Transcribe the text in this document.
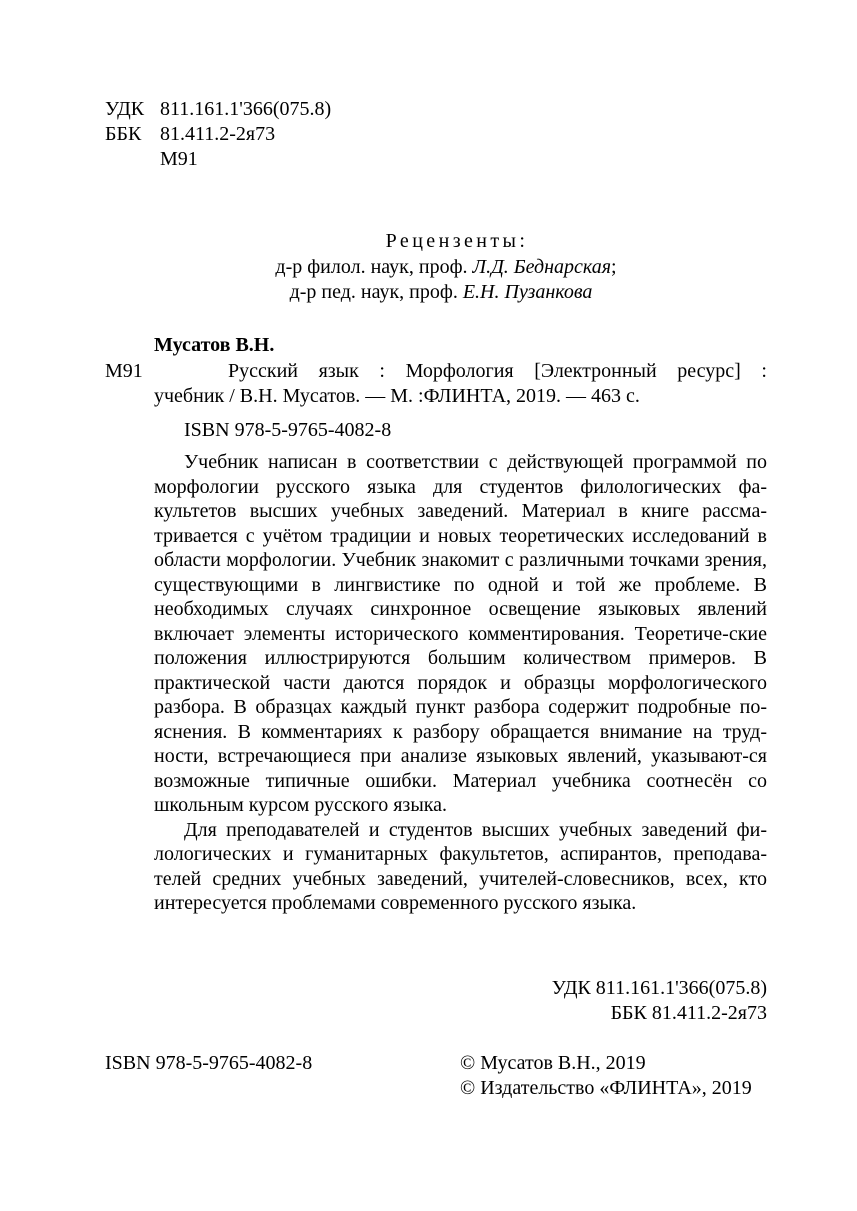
УДК 811.161.1'366(075.8)
ББК 81.411.2-2я73
М91
Рецензенты:
д-р филол. наук, проф. Л.Д. Беднарская;
д-р пед. наук, проф. Е.Н. Пузанкова
Мусатов В.Н.
М91	Русский язык : Морфология [Электронный ресурс] :
учебник / В.Н. Мусатов. — М. :ФЛИНТА, 2019. — 463 с.
ISBN 978-5-9765-4082-8

Учебник написан в соответствии с действующей программой по морфологии русского языка для студентов филологических фа-культетов высших учебных заведений. Материал в книге рассма-тривается с учётом традиции и новых теоретических исследований в области морфологии. Учебник знакомит с различными точками зрения, существующими в лингвистике по одной и той же проблеме. В необходимых случаях синхронное освещение языковых явлений включает элементы исторического комментирования. Теоретиче-ские положения иллюстрируются большим количеством примеров. В практической части даются порядок и образцы морфологического разбора. В образцах каждый пункт разбора содержит подробные по-яснения. В комментариях к разбору обращается внимание на труд-ности, встречающиеся при анализе языковых явлений, указывают-ся возможные типичные ошибки. Материал учебника соотнесён со школьным курсом русского языка.

Для преподавателей и студентов высших учебных заведений фи-лологических и гуманитарных факультетов, аспирантов, преподава-телей средних учебных заведений, учителей-словесников, всех, кто интересуется проблемами современного русского языка.

УДК 811.161.1'366(075.8)
ББК 81.411.2-2я73
ISBN 978-5-9765-4082-8	© Мусатов В.Н., 2019
© Издательство «ФЛИНТА», 2019
